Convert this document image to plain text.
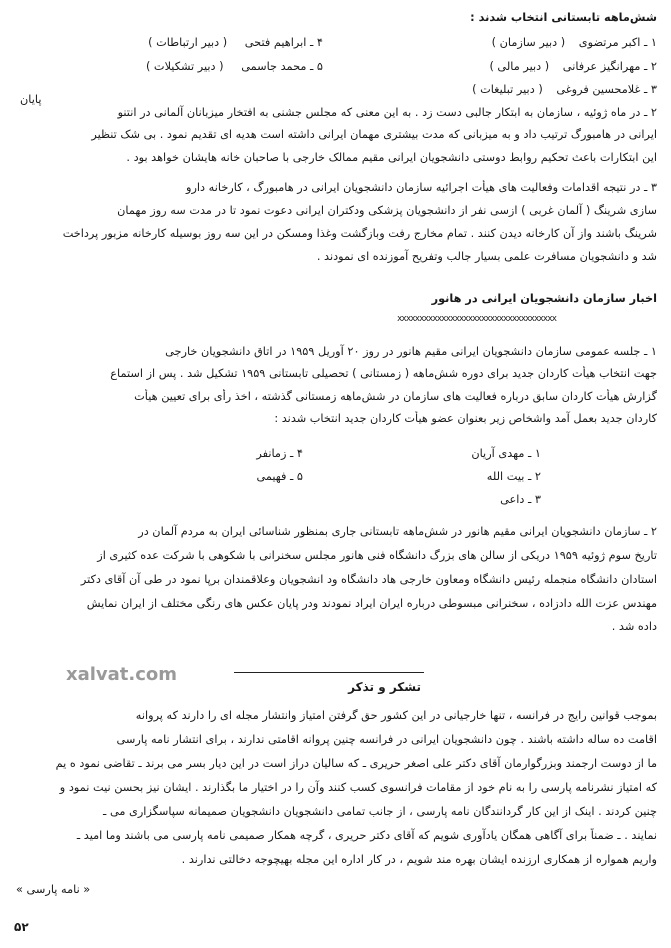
شش‌ماهه تابستانی انتخاب شدند :
۱ ـ اکبر مرتضوی ( دبیر سازمان )
۲ ـ مهرانگیز عرفانی ( دبیر مالی )
۳ ـ غلامحسین فروغی ( دبیر تبلیغات )
۴ ـ ابراهیم فتحی ( دبیر ارتباطات )
۵ ـ محمد جاسمی ( دبیر تشکیلات )
پایان
۲ ـ در ماه ژوئیه ، سازمان به ابتکار جالبی دست زد . به این معنی که مجلس جشنی به افتخار میزبانان آلمانی در انتنو
ایرانی در هامبورگ ترتیب داد و به میزبانی که مدت بیشتری مهمان ایرانی داشته است هدیه ای تقدیم نمود . بی شک تنظیر
این ابتکارات باعث تحکیم روابط دوستی دانشجویان ایرانی مقیم ممالک خارجی با صاحبان خانه هایشان خواهد بود .
۳ ـ در نتیجه اقدامات وفعالیت های هیأت اجرائیه سازمان دانشجویان ایرانی در هامبورگ ، کارخانه ‌دارو‌
سازی شرینگ ( آلمان غربی ) ازسی نفر از دانشجویان پزشکی ودکتران ایرانی دعوت نمود تا در مدت سه روز مهمان
شرینگ باشند واز آن کارخانه دیدن کنند . تمام مخارج رفت وبازگشت وغذا ومسکن در این سه روز بوسیله کارخانه مزبور پرداخت
شد و دانشجویان مسافرت علمی بسیار جالب وتفریح آموزنده ای نمودند .
اخبار سازمان دانشجویان ایرانی در هانور
xxxxxxxxxxxxxxxxxxxxxxxxxxxxxxxxxxxx
۱ ـ جلسه عمومی سازمان دانشجویان ایرانی مقیم هانور در روز ۲۰ آوریل ۱۹۵۹ در اتاق دانشجویان خارجی
جهت انتخاب هیأت کاردان جدید برای دوره شش‌ماهه ( زمستانی ) تحصیلی تابستانی ۱۹۵۹ تشکیل شد . پس از استماع
گزارش هیأت کاردان سابق درباره فعالیت های سازمان در شش‌ماهه زمستانی گذشته ، اخذ رأی برای تعیین هیأت
کاردان جدید بعمل آمد واشخاص زیر بعنوان عضو هیأت کاردان جدید انتخاب شدند :
۱ ـ مهدی آریان
۲ ـ بیت الله
۳ ـ داعی
۴ ـ زمانفر
۵ ـ فهیمی
۲ ـ سازمان دانشجویان ایرانی مقیم هانور در شش‌ماهه تابستانی جاری بمنظور شناسائی ایران به مردم آلمان در
تاریخ سوم ژوئیه ۱۹۵۹ دریکی از سالن های بزرگ دانشگاه فنی هانور مجلس سخنرانی با شکوهی با شرکت عده کثیری از
استادان دانشگاه منجمله رئیس دانشگاه ومعاون خارجی هاد دانشگاه ود انشجویان وعلاقمندان برپا نمود در طی آن آقای دکتر
مهندس عزت الله دادزاده ، سخنرانی مبسوطی درباره ایران ایراد نمودند ودر پایان عکس های رنگی مختلف از ایران نمایش
داده شد .
xalvat.com
تشکر و تذکر
بموجب قوانین رایج در فرانسه ، تنها خارجیانی در این کشور حق گرفتن امتیاز وانتشار مجله ای را دارند که پروانه
اقامت ده ساله داشته باشند . چون دانشجویان ایرانی در فرانسه چنین پروانه اقامتی ندارند ، برای انتشار نامه پارسی
ما از دوست ارجمند وبزرگوارمان آقای دکتر علی اصغر حریری ـ که سالیان دراز است در این دیار بسر می برند ـ تقاضی نمود ه‌ یم
که امتیاز نشرنامه پارسی را به نام خود از مقامات فرانسوی کسب کنند وآن را در اختیار ما بگذارند . ایشان نیز بحسن نیت نمود و
چنین کردند . اینک از این کار گردانندگان نامه پارسی ، از جانب تمامی دانشجویان دانشجویان صمیمانه سپاسگزاری می ـ
نمایند . ـ ضمناً برای آگاهی همگان یادآوری شویم که آقای دکتر حریری ، گرچه همکار صمیمی نامه پارسی می باشند وما امید ـ
واریم همواره از همکاری ارزنده ایشان بهره مند شویم ، در کار اداره این مجله بهیچوجه دخالتی ندارند .
« نامه پارسی »
۵۲
